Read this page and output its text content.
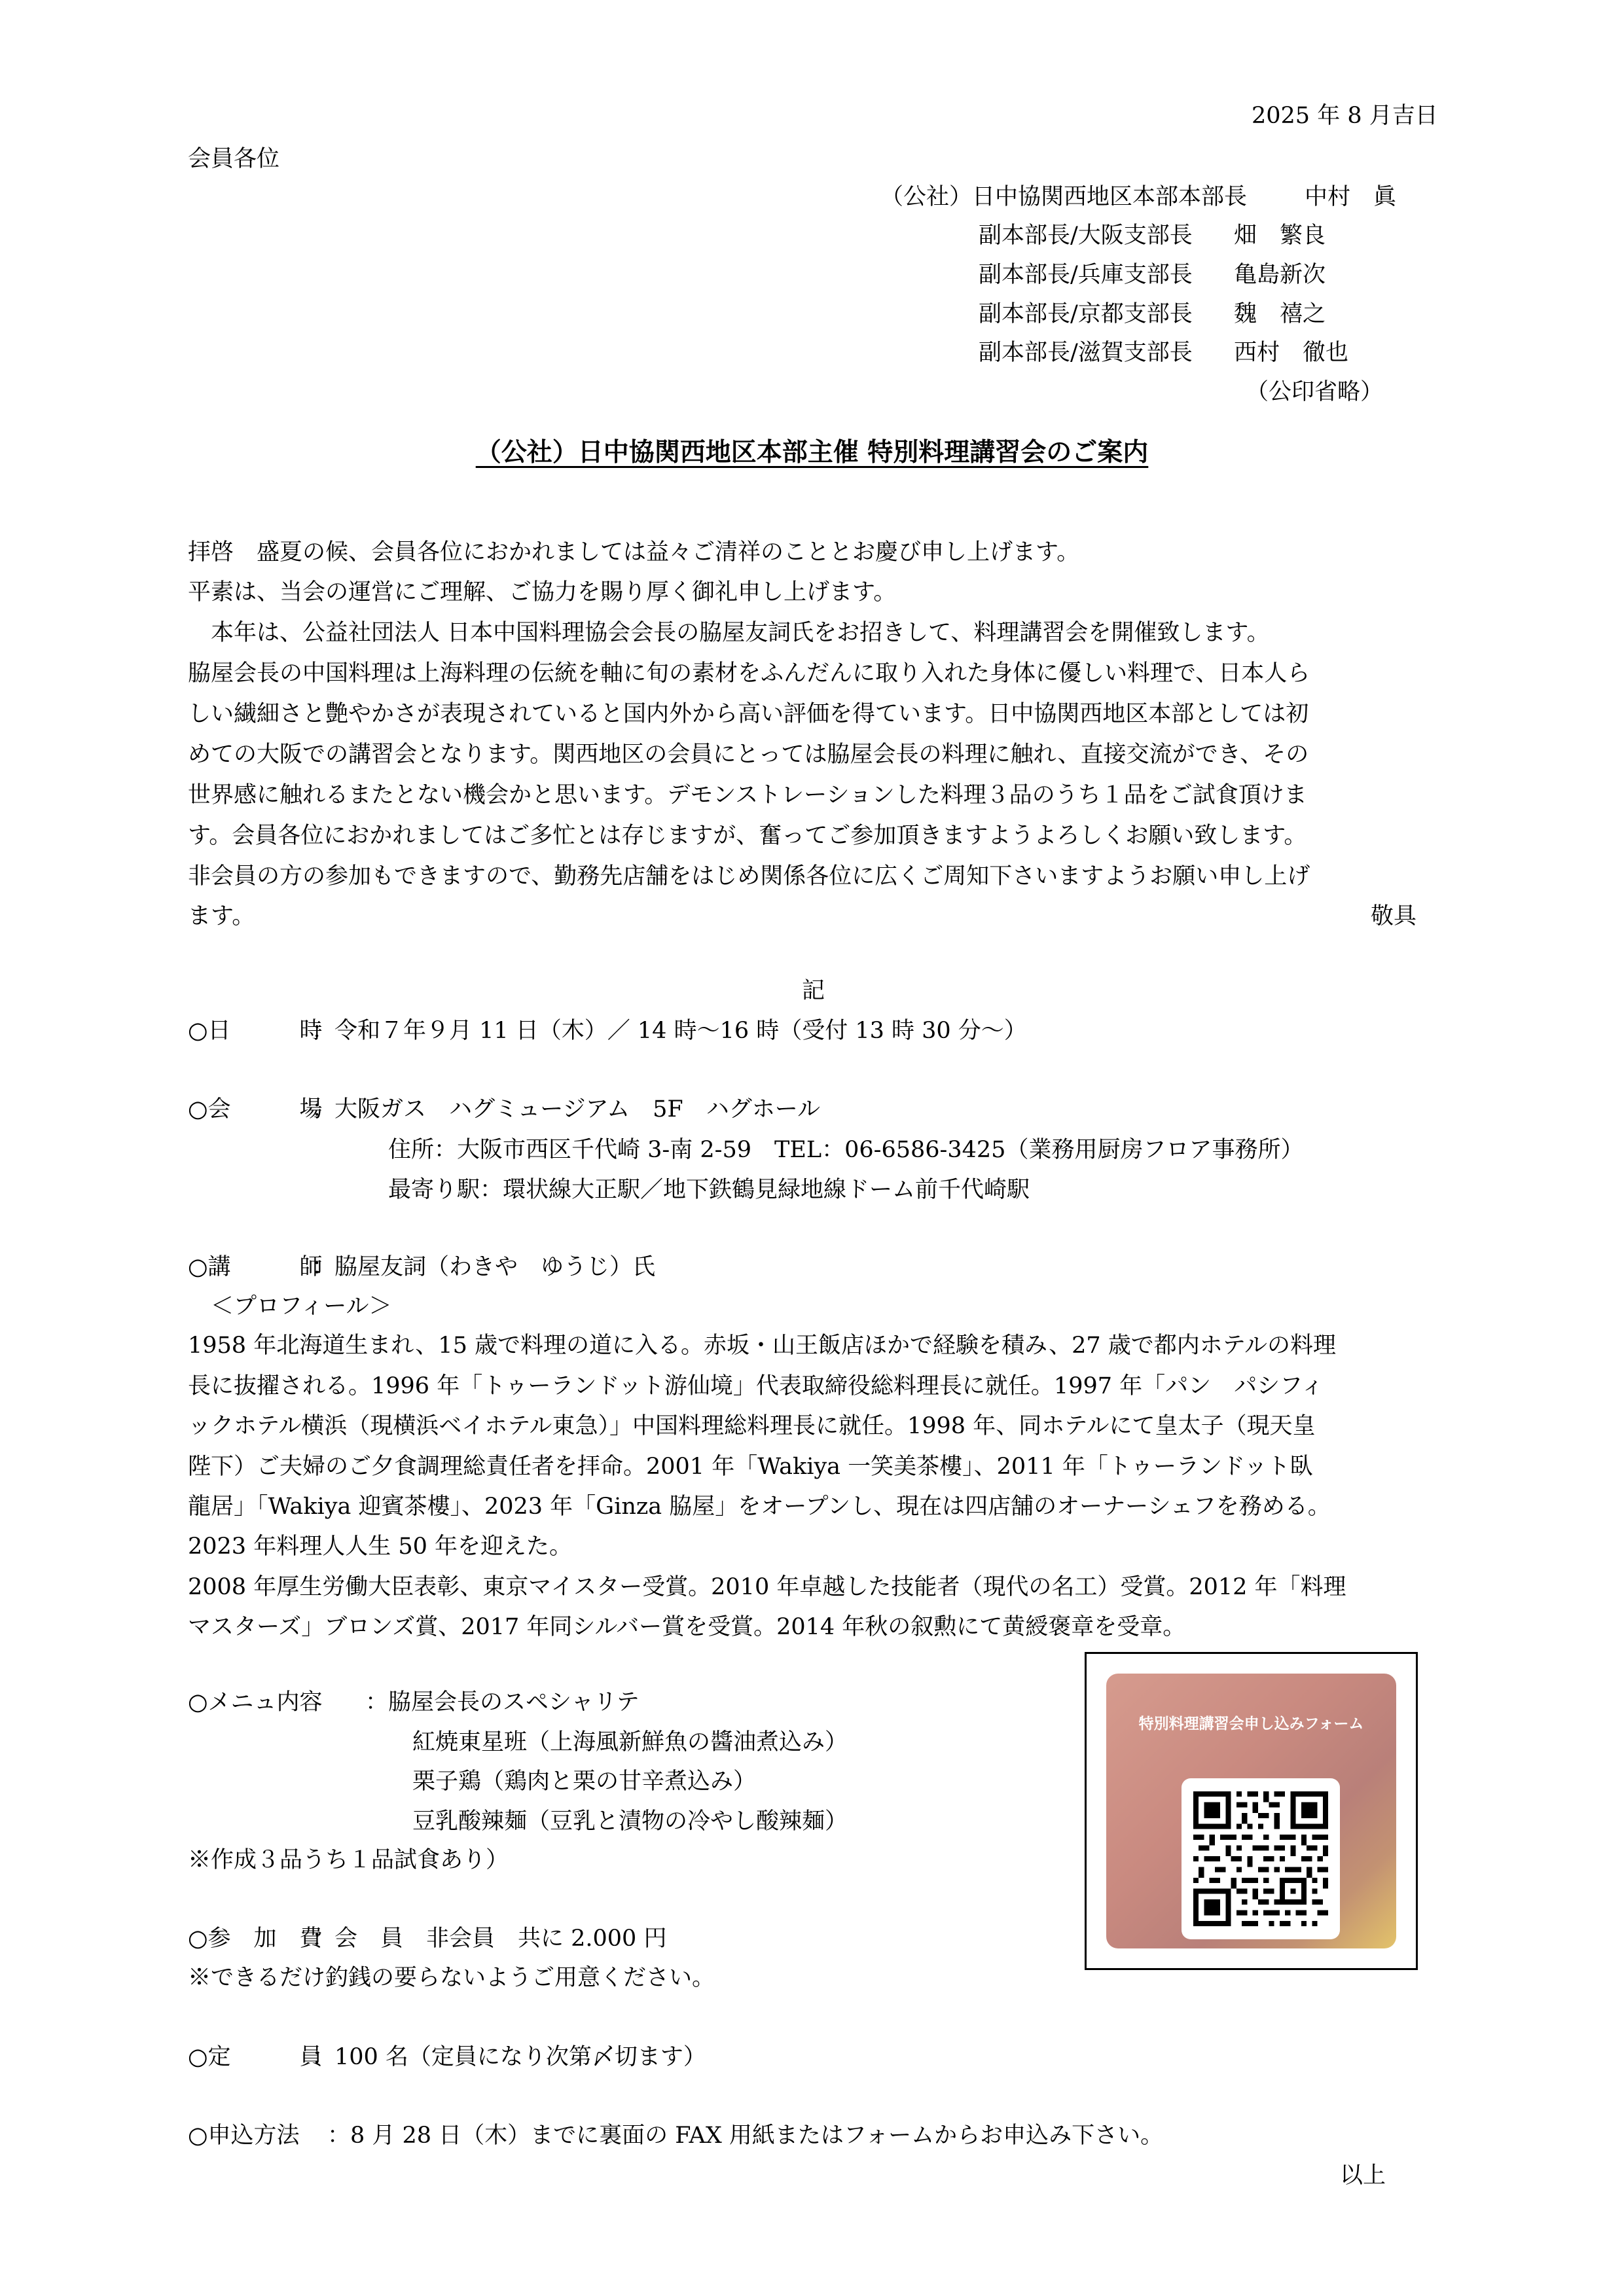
2025 年 8 月吉日
会員各位
（公社）日中協関西地区本部本部長	中村　眞
副本部長/大阪支部長 畑　繁良
副本部長/兵庫支部長 亀島新次
副本部長/京都支部長 魏　禧之
副本部長/滋賀支部長 西村　徹也
（公印省略）
（公社）日中協関西地区本部主催 特別料理講習会のご案内
拝啓　盛夏の候、会員各位におかれましては益々ご清祥のこととお慶び申し上げます。
平素は、当会の運営にご理解、ご協力を賜り厚く御礼申し上げます。
　本年は、公益社団法人 日本中国料理協会会長の脇屋友詞氏をお招きして、料理講習会を開催致します。
脇屋会長の中国料理は上海料理の伝統を軸に旬の素材をふんだんに取り入れた身体に優しい料理で、日本人ら
しい繊細さと艶やかさが表現されていると国内外から高い評価を得ています。日中協関西地区本部としては初
めての大阪での講習会となります。関西地区の会員にとっては脇屋会長の料理に触れ、直接交流ができ、その
世界感に触れるまたとない機会かと思います。デモンストレーションした料理３品のうち１品をご試食頂けま
す。会員各位におかれましてはご多忙とは存じますが、奮ってご参加頂きますようよろしくお願い致します。
非会員の方の参加もできますので、勤務先店舗をはじめ関係各位に広くご周知下さいますようお願い申し上げ
ます。	敬具
記
○日　　　時
：令和７年９月 11 日（木）／ 14 時～16 時（受付 13 時 30 分～）
○会　　　場
：大阪ガス　ハグミュージアム　5F　ハグホール
住所：大阪市西区千代崎 3-南 2-59　TEL：06-6586-3425（業務用厨房フロア事務所）
最寄り駅：環状線大正駅／地下鉄鶴見緑地線ドーム前千代崎駅
○講　　　師
：脇屋友詞（わきや　ゆうじ）氏
＜プロフィール＞
1958 年北海道生まれ、15 歳で料理の道に入る。赤坂・山王飯店ほかで経験を積み、27 歳で都内ホテルの料理
長に抜擢される。1996 年「トゥーランドット游仙境」代表取締役総料理長に就任。1997 年「パン　パシフィ
ックホテル横浜（現横浜ベイホテル東急）」中国料理総料理長に就任。1998 年、同ホテルにて皇太子（現天皇
陛下）ご夫婦のご夕食調理総責任者を拝命。2001 年「Wakiya 一笑美茶樓」、2011 年「トゥーランドット臥
龍居」「Wakiya 迎賓茶樓」、2023 年「Ginza 脇屋」をオープンし、現在は四店舗のオーナーシェフを務める。
2023 年料理人人生 50 年を迎えた。
2008 年厚生労働大臣表彰、東京マイスター受賞。2010 年卓越した技能者（現代の名工）受賞。2012 年「料理
マスターズ」ブロンズ賞、2017 年同シルバー賞を受賞。2014 年秋の叙勲にて黄綬褒章を受章。
○メニュ内容 ：脇屋会長のスペシャリテ
紅焼東星班（上海風新鮮魚の醬油煮込み）
栗子鶏（鶏肉と栗の甘辛煮込み）
豆乳酸辣麺（豆乳と漬物の冷やし酸辣麺）
※作成３品うち１品試食あり）
○参　加　費
：会　員　非会員　共に 2.000 円
※できるだけ釣銭の要らないようご用意ください。
○定　　　員
：100 名（定員になり次第〆切ます）
○申込方法 ：8 月 28 日（木）までに裏面の FAX 用紙またはフォームからお申込み下さい。
以上
特別料理講習会申し込みフォーム
